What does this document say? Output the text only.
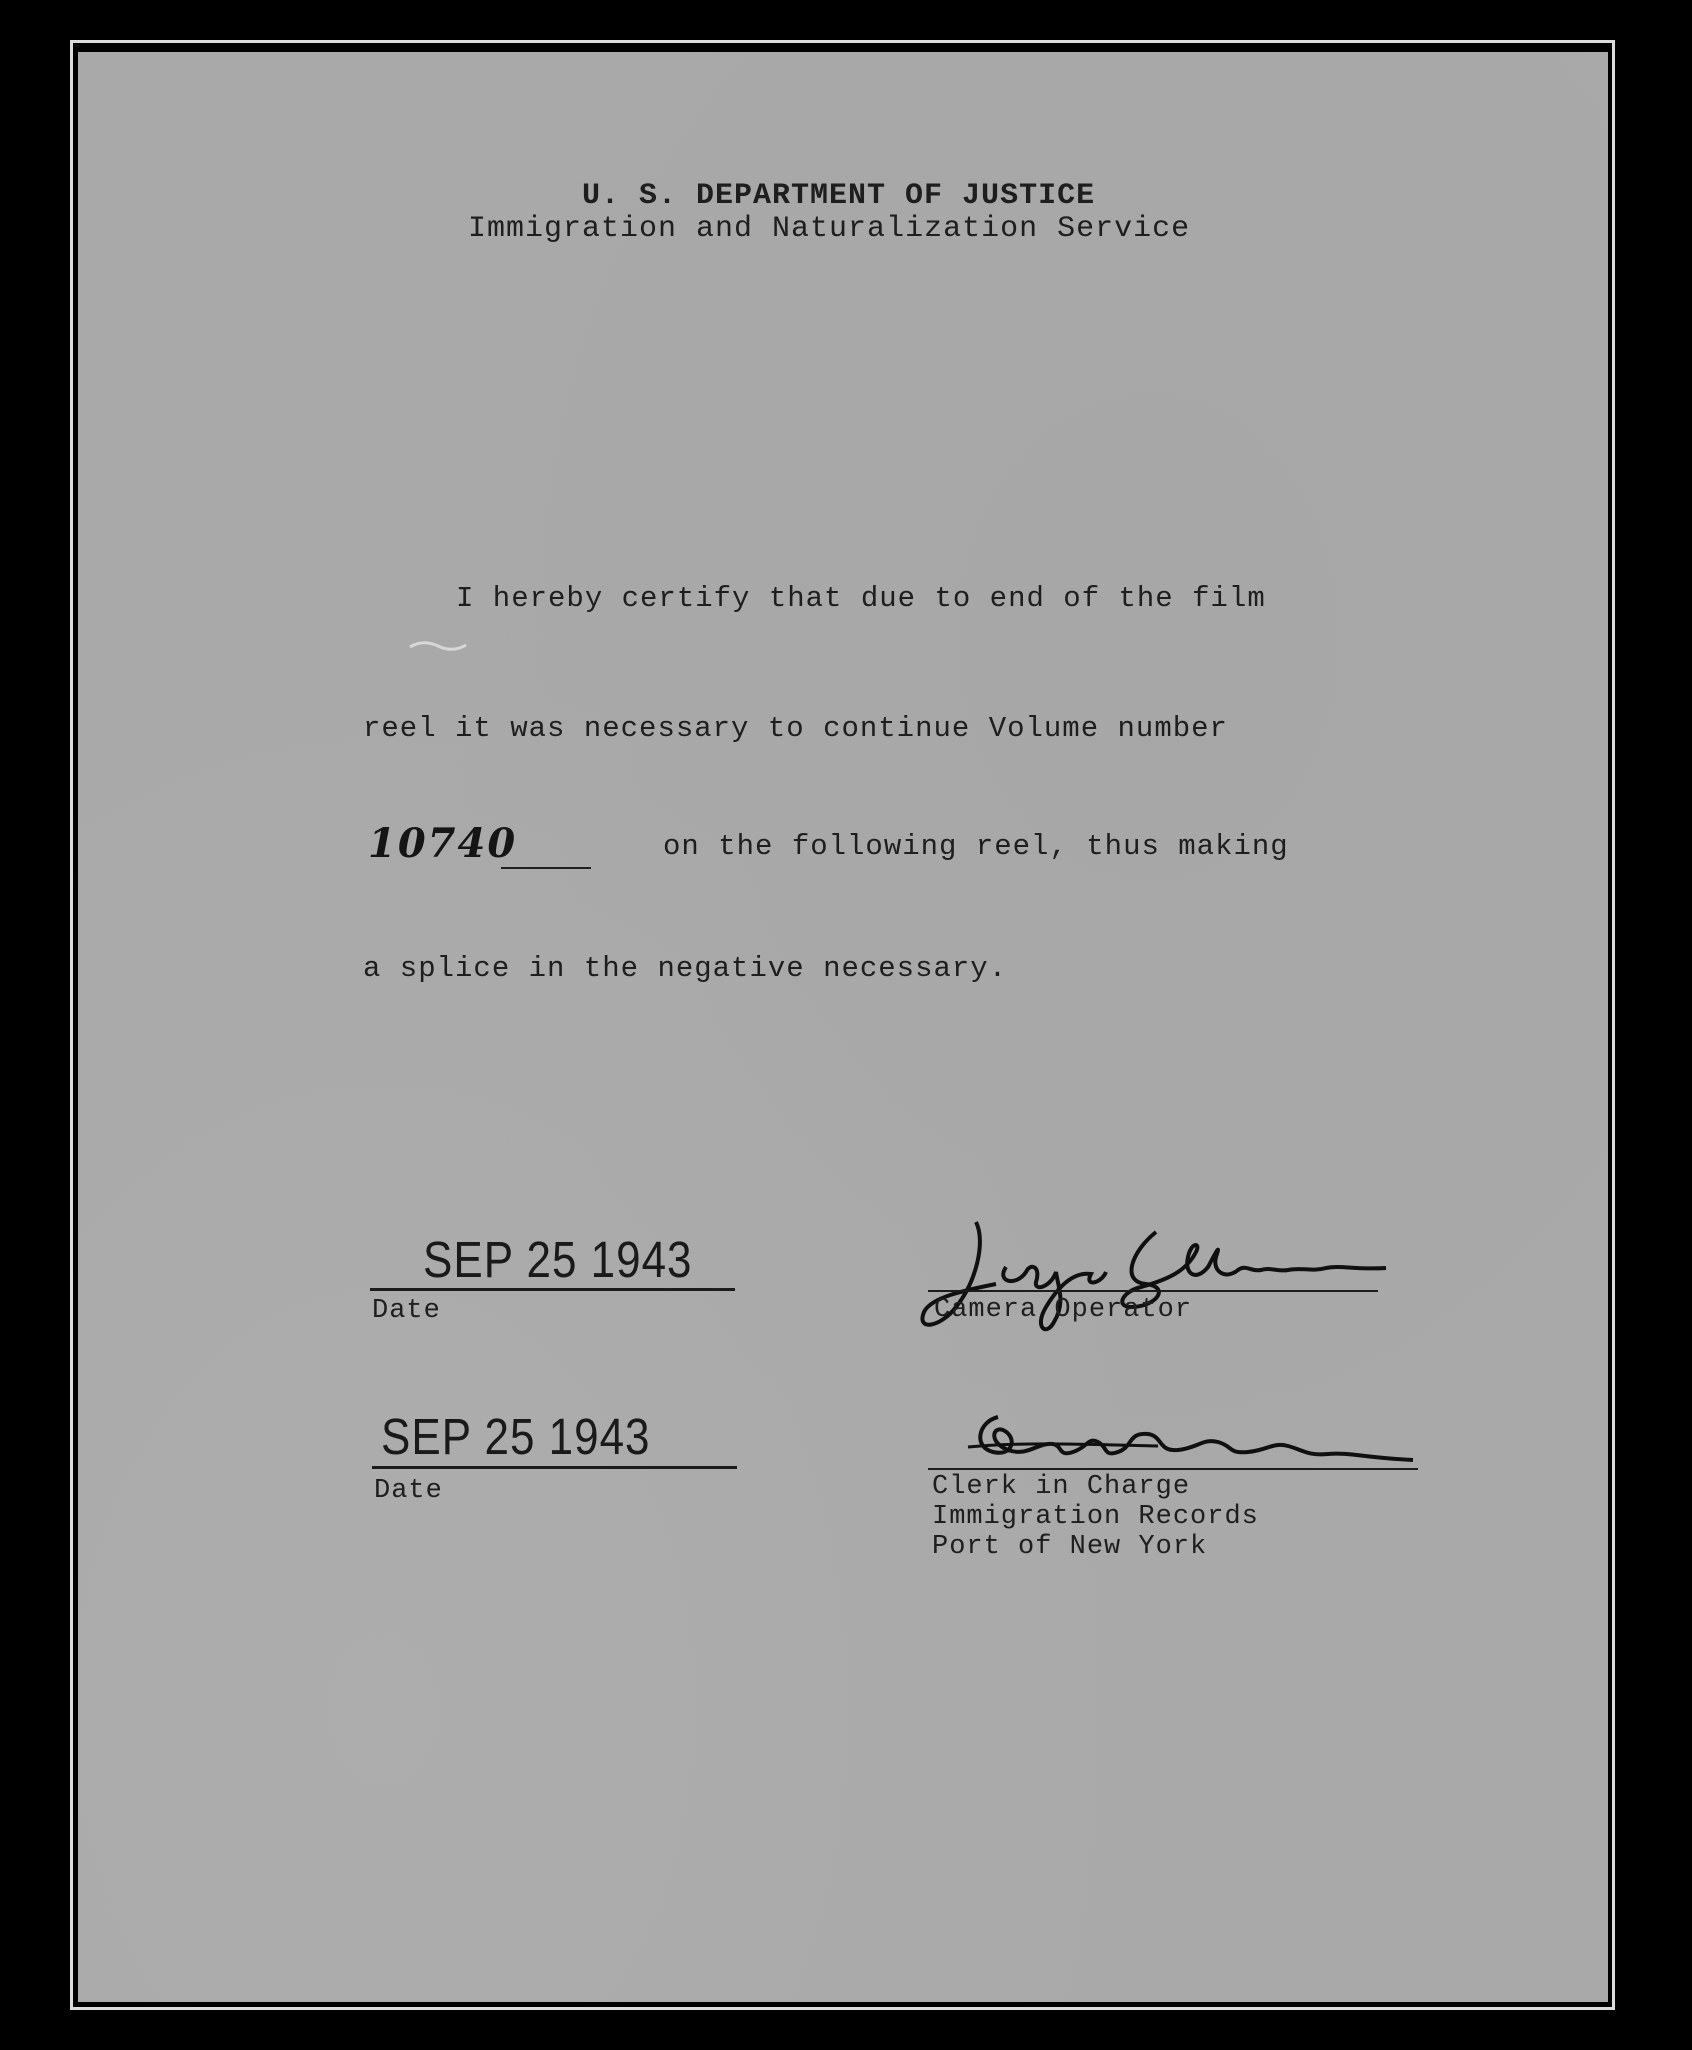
U. S. DEPARTMENT OF JUSTICE
Immigration and Naturalization Service
I hereby certify that due to end of the film
reel it was necessary to continue Volume number
10740	on the following reel, thus making
a splice in the negative necessary.
SEP 25 1943
Date	Camera Operator
SEP 25 1943
Date	Clerk in Charge
Immigration Records
Port of New York
